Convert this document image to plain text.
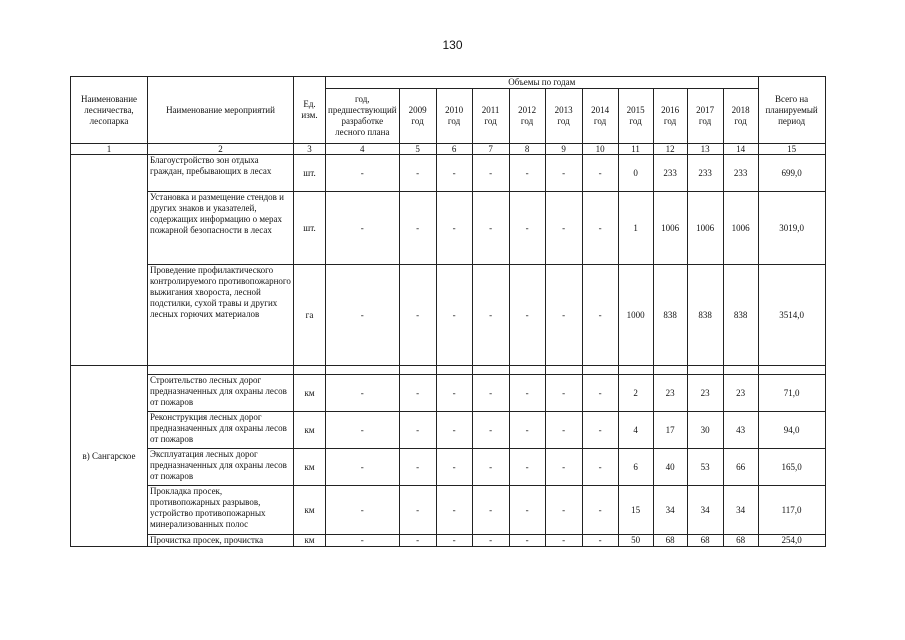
130
Наименование лесничества, лесопарка	Наименование мероприятий	Ед. изм.	Объемы по годам											Всего на планируемый период
			год, предшествующий разработке лесного плана	2009 год	2010 год	2011 год	2012 год	2013 год	2014 год	2015 год	2016 год	2017 год	2018 год	
1	2	3	4	5	6	7	8	9	10	11	12	13	14	15
	Благоустройство зон отдыха граждан, пребывающих в лесах	шт.	-	-	-	-	-	-	-	0	233	233	233	699,0
	Установка и размещение стендов и других знаков и указателей, содержащих информацию о мерах пожарной безопасности в лесах	шт.	-	-	-	-	-	-	-	1	1006	1006	1006	3019,0
	Проведение профилактического контролируемого противопожарного выжигания хвороста, лесной подстилки, сухой травы и других лесных горючих материалов	га	-	-	-	-	-	-	-	1000	838	838	838	3514,0
в) Сангарское														
	Строительство лесных дорог предназначенных для охраны лесов от пожаров	км	-	-	-	-	-	-	-	2	23	23	23	71,0
	Реконструкция лесных дорог предназначенных для охраны лесов от пожаров	км	-	-	-	-	-	-	-	4	17	30	43	94,0
	Эксплуатация лесных дорог предназначенных для охраны лесов от пожаров	км	-	-	-	-	-	-	-	6	40	53	66	165,0
	Прокладка просек, противопожарных разрывов, устройство противопожарных минерализованных полос	км	-	-	-	-	-	-	-	15	34	34	34	117,0
	Прочистка просек, прочистка	км	-	-	-	-	-	-	-	50	68	68	68	254,0
